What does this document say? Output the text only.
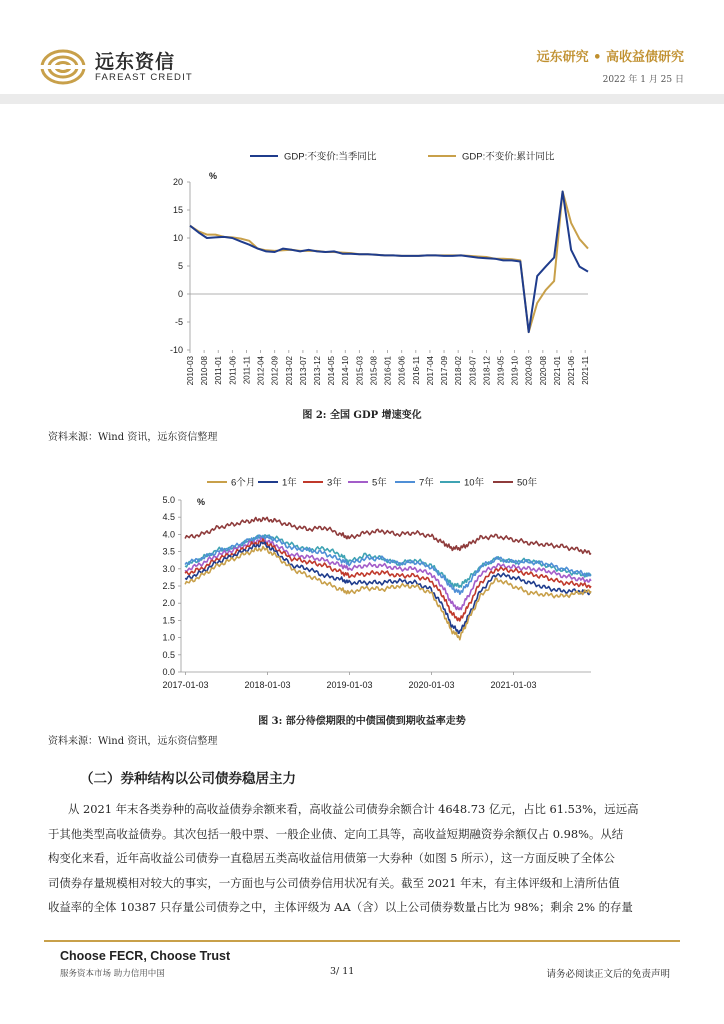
远东资信
FAREAST CREDIT
远东研究 • 高收益债研究
2022 年 1 月 25 日
GDP:不变价:当季同比	GDP:不变价:累计同比
%
20
15
10
5
0
-5
-10
2010-03 2010-08 2011-01 2011-06 2011-11 2012-04 2012-09 2013-02 2013-07 2013-12 2014-05 2014-10 2015-03 2015-08 2016-01 2016-06 2016-11 2017-04 2017-09 2018-02 2018-07 2018-12 2019-05 2019-10 2020-03 2020-08 2021-01 2021-06 2021-11
图 2: 全国 GDP 增速变化
资料来源：Wind 资讯，远东资信整理
6个月	1年	3年	5年	7年	10年	50年
%
5.0
4.5
4.0
3.5
3.0
2.5
2.0
1.5
1.0
0.5
0.0
2017-01-03	2018-01-03	2019-01-03	2020-01-03	2021-01-03
图 3: 部分待偿期限的中债国债到期收益率走势
资料来源：Wind 资讯，远东资信整理
（二）券种结构以公司债券稳居主力
从 2021 年末各类券种的高收益债券余额来看，高收益公司债券余额合计 4648.73 亿元，占比 61.53%，远远高
于其他类型高收益债券。其次包括一般中票、一般企业债、定向工具等，高收益短期融资券余额仅占 0.98%。从结
构变化来看，近年高收益公司债券一直稳居五类高收益信用债第一大券种（如图 5 所示），这一方面反映了全体公
司债券存量规模相对较大的事实，一方面也与公司债券信用状况有关。截至 2021 年末，有主体评级和上清所估值
收益率的全体 10387 只存量公司债券之中，主体评级为 AA（含）以上公司债券数量占比为 98%；剩余 2% 的存量
Choose FECR, Choose Trust
服务资本市场 助力信用中国	3/ 11	请务必阅读正文后的免责声明
